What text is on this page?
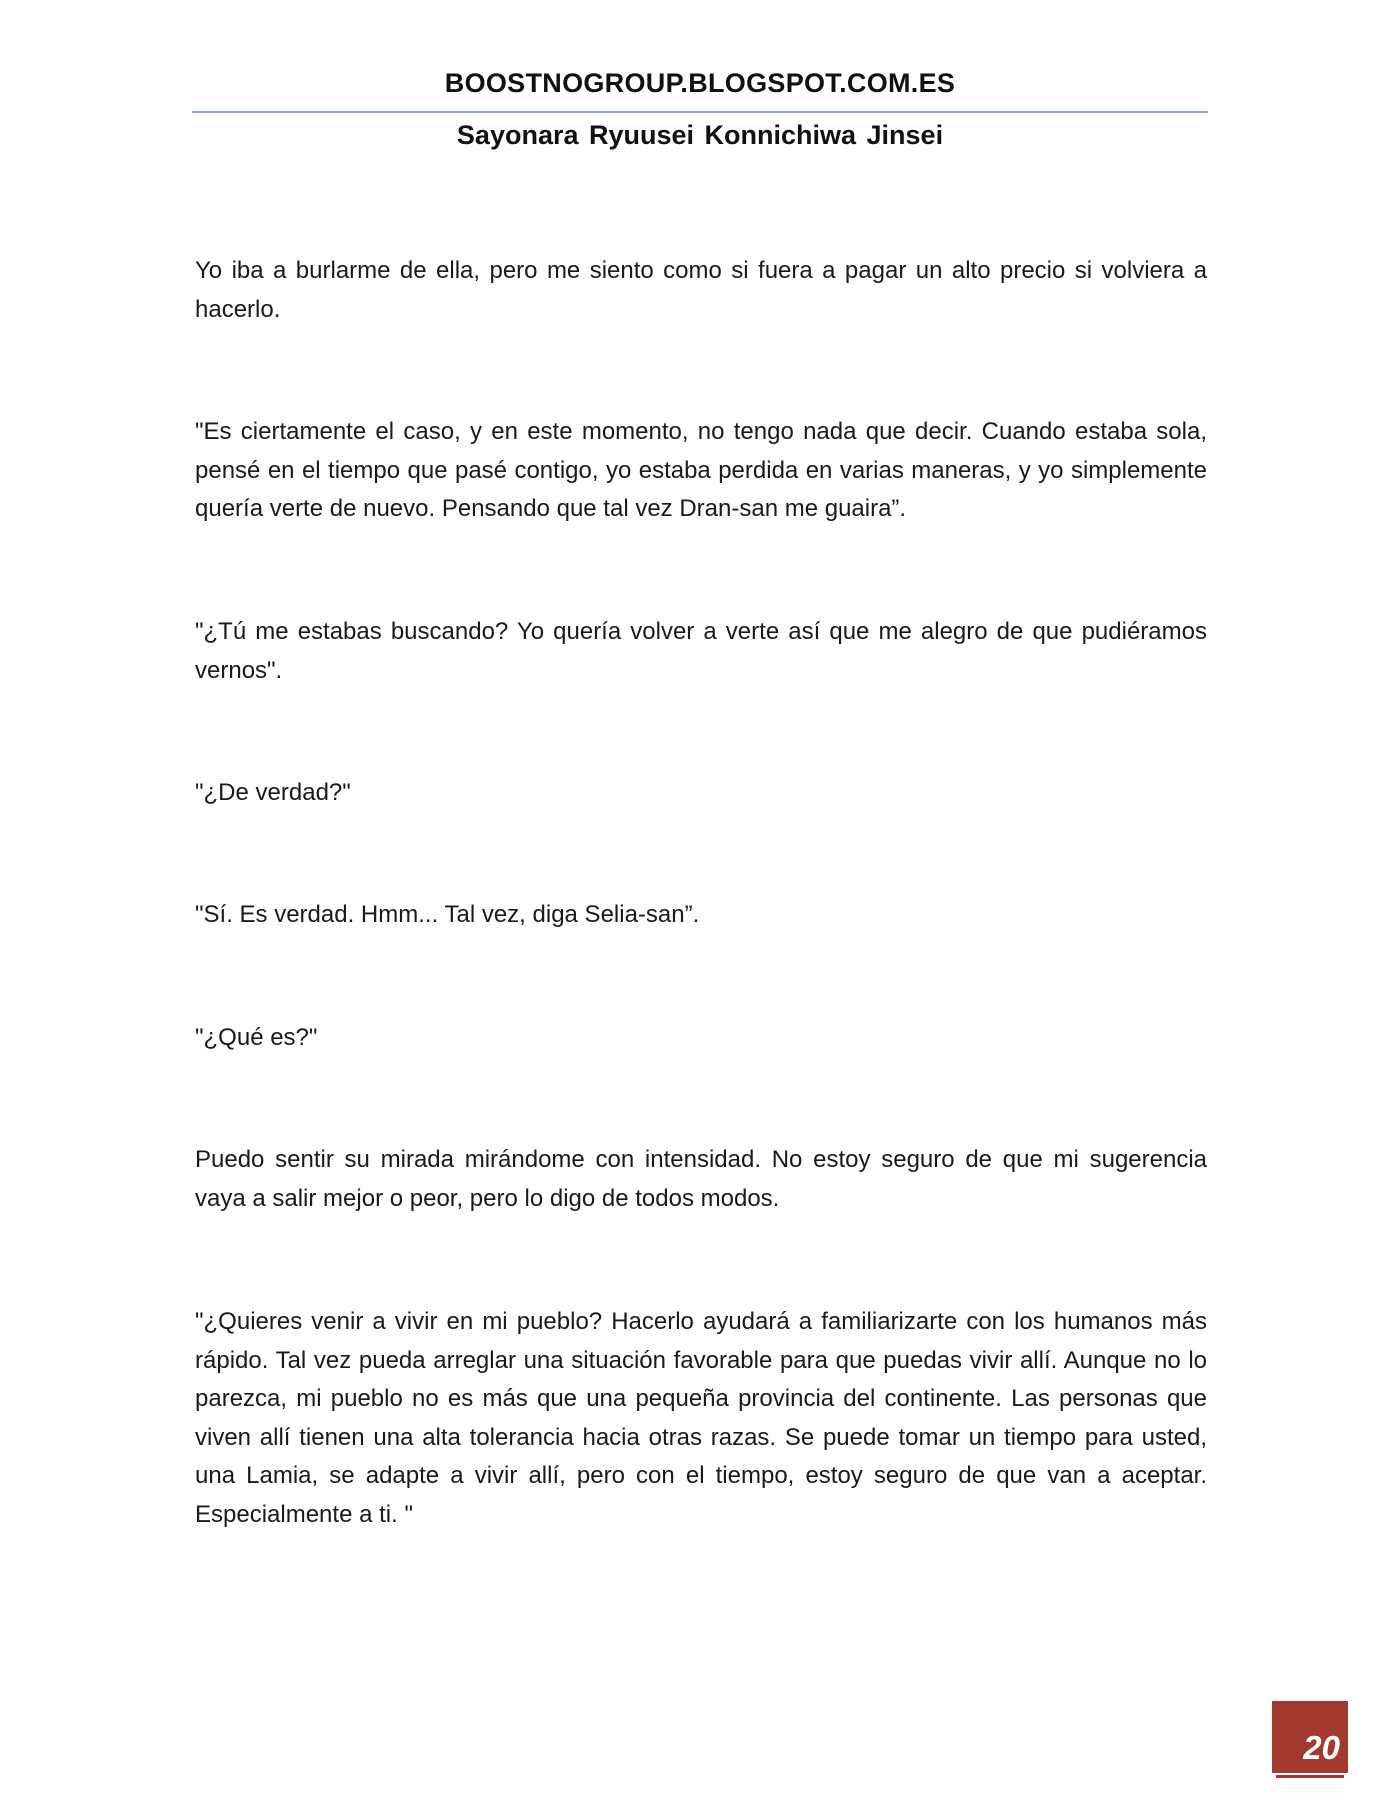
BOOSTNOGROUP.BLOGSPOT.COM.ES
Sayonara Ryuusei Konnichiwa Jinsei

Yo iba a burlarme de ella, pero me siento como si fuera a pagar un alto precio si volviera a hacerlo.

"Es ciertamente el caso, y en este momento, no tengo nada que decir. Cuando estaba sola, pensé en el tiempo que pasé contigo, yo estaba perdida en varias maneras, y yo simplemente quería verte de nuevo. Pensando que tal vez Dran-san me guaira”.

"¿Tú me estabas buscando? Yo quería volver a verte así que me alegro de que pudiéramos vernos".

"¿De verdad?"

"Sí. Es verdad. Hmm... Tal vez, diga Selia-san”.

"¿Qué es?"

Puedo sentir su mirada mirándome con intensidad. No estoy seguro de que mi sugerencia vaya a salir mejor o peor, pero lo digo de todos modos.

"¿Quieres venir a vivir en mi pueblo? Hacerlo ayudará a familiarizarte con los humanos más rápido. Tal vez pueda arreglar una situación favorable para que puedas vivir allí. Aunque no lo parezca, mi pueblo no es más que una pequeña provincia del continente. Las personas que viven allí tienen una alta tolerancia hacia otras razas. Se puede tomar un tiempo para usted, una Lamia, se adapte a vivir allí, pero con el tiempo, estoy seguro de que van a aceptar. Especialmente a ti. "

20
